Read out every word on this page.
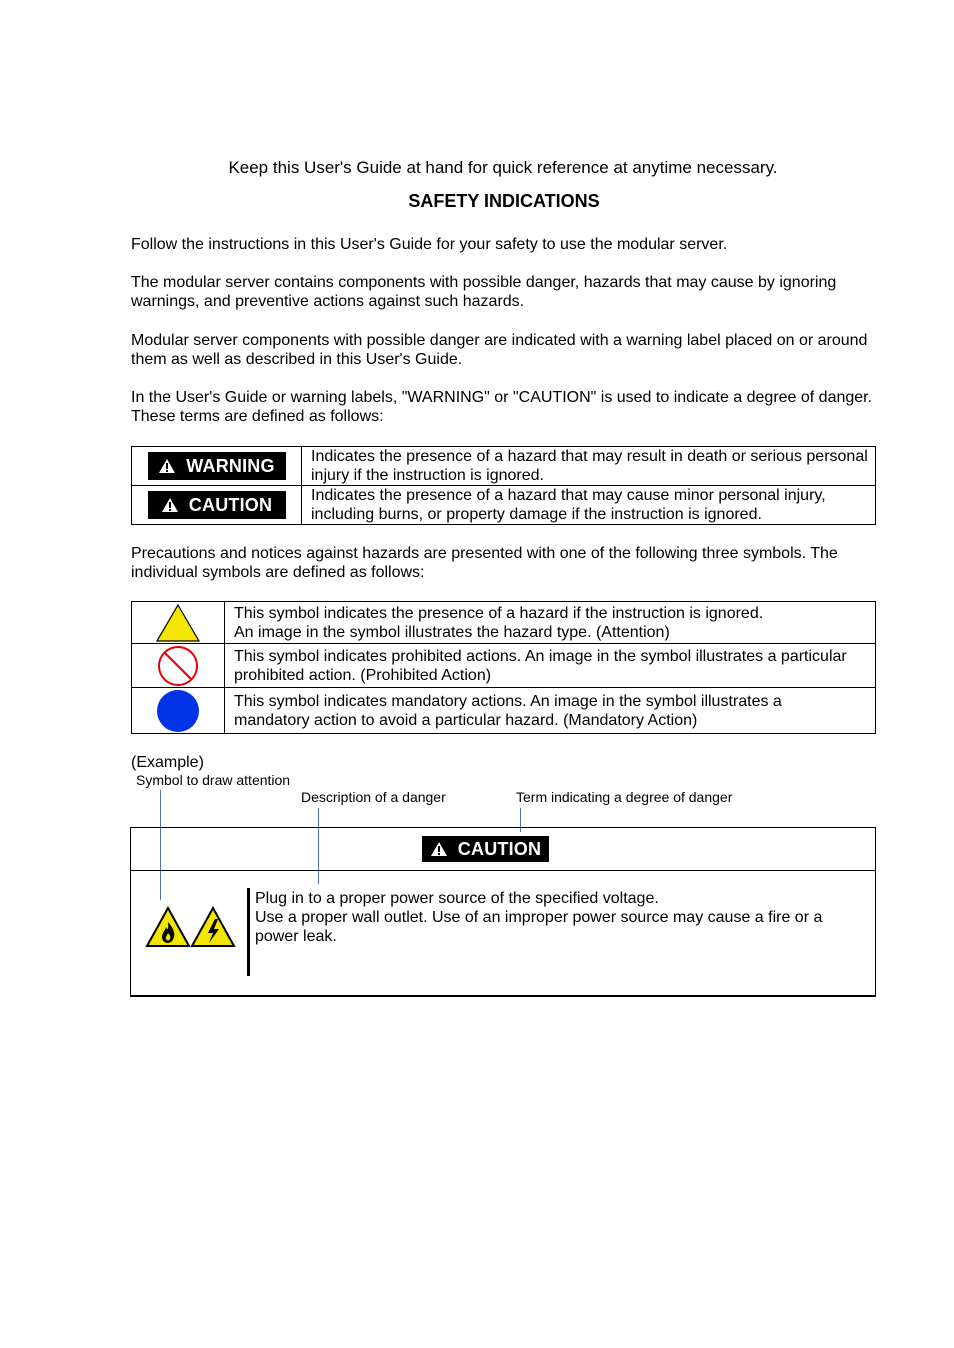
Keep this User's Guide at hand for quick reference at anytime necessary.
SAFETY INDICATIONS
Follow the instructions in this User's Guide for your safety to use the modular server.
The modular server contains components with possible danger, hazards that may cause by ignoring warnings, and preventive actions against such hazards.
Modular server components with possible danger are indicated with a warning label placed on or around them as well as described in this User's Guide.
In the User's Guide or warning labels, "WARNING" or "CAUTION" is used to indicate a degree of danger. These terms are defined as follows:
WARNING	Indicates the presence of a hazard that may result in death or serious personal injury if the instruction is ignored.

CAUTION	Indicates the presence of a hazard that may cause minor personal injury, including burns, or property damage if the instruction is ignored.
Precautions and notices against hazards are presented with one of the following three symbols. The individual symbols are defined as follows:

This symbol indicates the presence of a hazard if the instruction is ignored.
An image in the symbol illustrates the hazard type. (Attention)

This symbol indicates prohibited actions. An image in the symbol illustrates a particular
prohibited action. (Prohibited Action)

This symbol indicates mandatory actions. An image in the symbol illustrates a
mandatory action to avoid a particular hazard. (Mandatory Action)
(Example)
Symbol to draw attention
Description of a danger	Term indicating a degree of danger
CAUTION
Plug in to a proper power source of the specified voltage.
Use a proper wall outlet. Use of an improper power source may cause a fire or a
power leak.
